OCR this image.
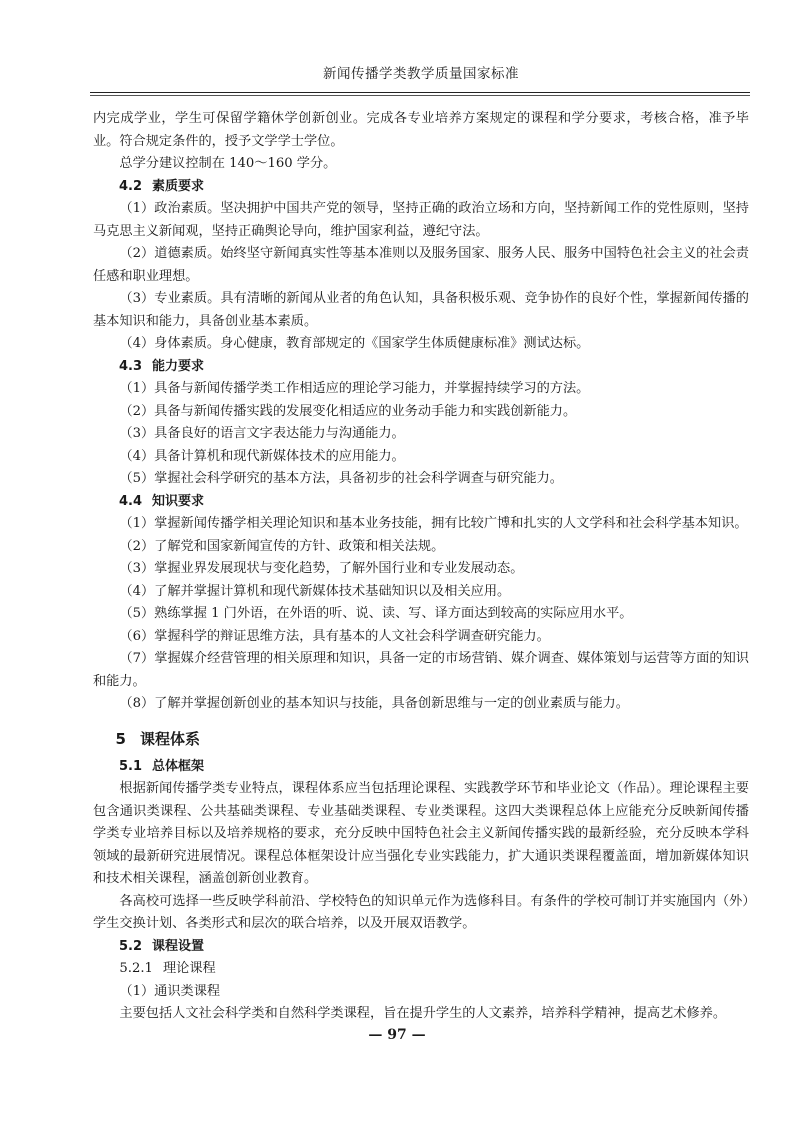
新闻传播学类教学质量国家标准

内完成学业，学生可保留学籍休学创新创业。完成各专业培养方案规定的课程和学分要求，考核合格，准予毕业。符合规定条件的，授予文学学士学位。

总学分建议控制在 140～160 学分。

4.2 素质要求

（1）政治素质。坚决拥护中国共产党的领导，坚持正确的政治立场和方向，坚持新闻工作的党性原则，坚持马克思主义新闻观，坚持正确舆论导向，维护国家利益，遵纪守法。

（2）道德素质。始终坚守新闻真实性等基本准则以及服务国家、服务人民、服务中国特色社会主义的社会责任感和职业理想。

（3）专业素质。具有清晰的新闻从业者的角色认知，具备积极乐观、竞争协作的良好个性，掌握新闻传播的基本知识和能力，具备创业基本素质。

（4）身体素质。身心健康，教育部规定的《国家学生体质健康标准》测试达标。

4.3 能力要求

（1）具备与新闻传播学类工作相适应的理论学习能力，并掌握持续学习的方法。

（2）具备与新闻传播实践的发展变化相适应的业务动手能力和实践创新能力。

（3）具备良好的语言文字表达能力与沟通能力。

（4）具备计算机和现代新媒体技术的应用能力。

（5）掌握社会科学研究的基本方法，具备初步的社会科学调查与研究能力。

4.4 知识要求

（1）掌握新闻传播学相关理论知识和基本业务技能，拥有比较广博和扎实的人文学科和社会科学基本知识。

（2）了解党和国家新闻宣传的方针、政策和相关法规。

（3）掌握业界发展现状与变化趋势，了解外国行业和专业发展动态。

（4）了解并掌握计算机和现代新媒体技术基础知识以及相关应用。

（5）熟练掌握 1 门外语，在外语的听、说、读、写、译方面达到较高的实际应用水平。

（6）掌握科学的辩证思维方法，具有基本的人文社会科学调查研究能力。

（7）掌握媒介经营管理的相关原理和知识，具备一定的市场营销、媒介调查、媒体策划与运营等方面的知识和能力。

（8）了解并掌握创新创业的基本知识与技能，具备创新思维与一定的创业素质与能力。

5 课程体系
5.1 总体框架

根据新闻传播学类专业特点，课程体系应当包括理论课程、实践教学环节和毕业论文（作品）。理论课程主要包含通识类课程、公共基础类课程、专业基础类课程、专业类课程。这四大类课程总体上应能充分反映新闻传播学类专业培养目标以及培养规格的要求，充分反映中国特色社会主义新闻传播实践的最新经验，充分反映本学科领域的最新研究进展情况。课程总体框架设计应当强化专业实践能力，扩大通识类课程覆盖面，增加新媒体知识和技术相关课程，涵盖创新创业教育。

各高校可选择一些反映学科前沿、学校特色的知识单元作为选修科目。有条件的学校可制订并实施国内（外）学生交换计划、各类形式和层次的联合培养，以及开展双语教学。

5.2 课程设置
5.2.1 理论课程

（1）通识类课程

主要包括人文社会科学类和自然科学类课程，旨在提升学生的人文素养，培养科学精神，提高艺术修养。

— 97 —
